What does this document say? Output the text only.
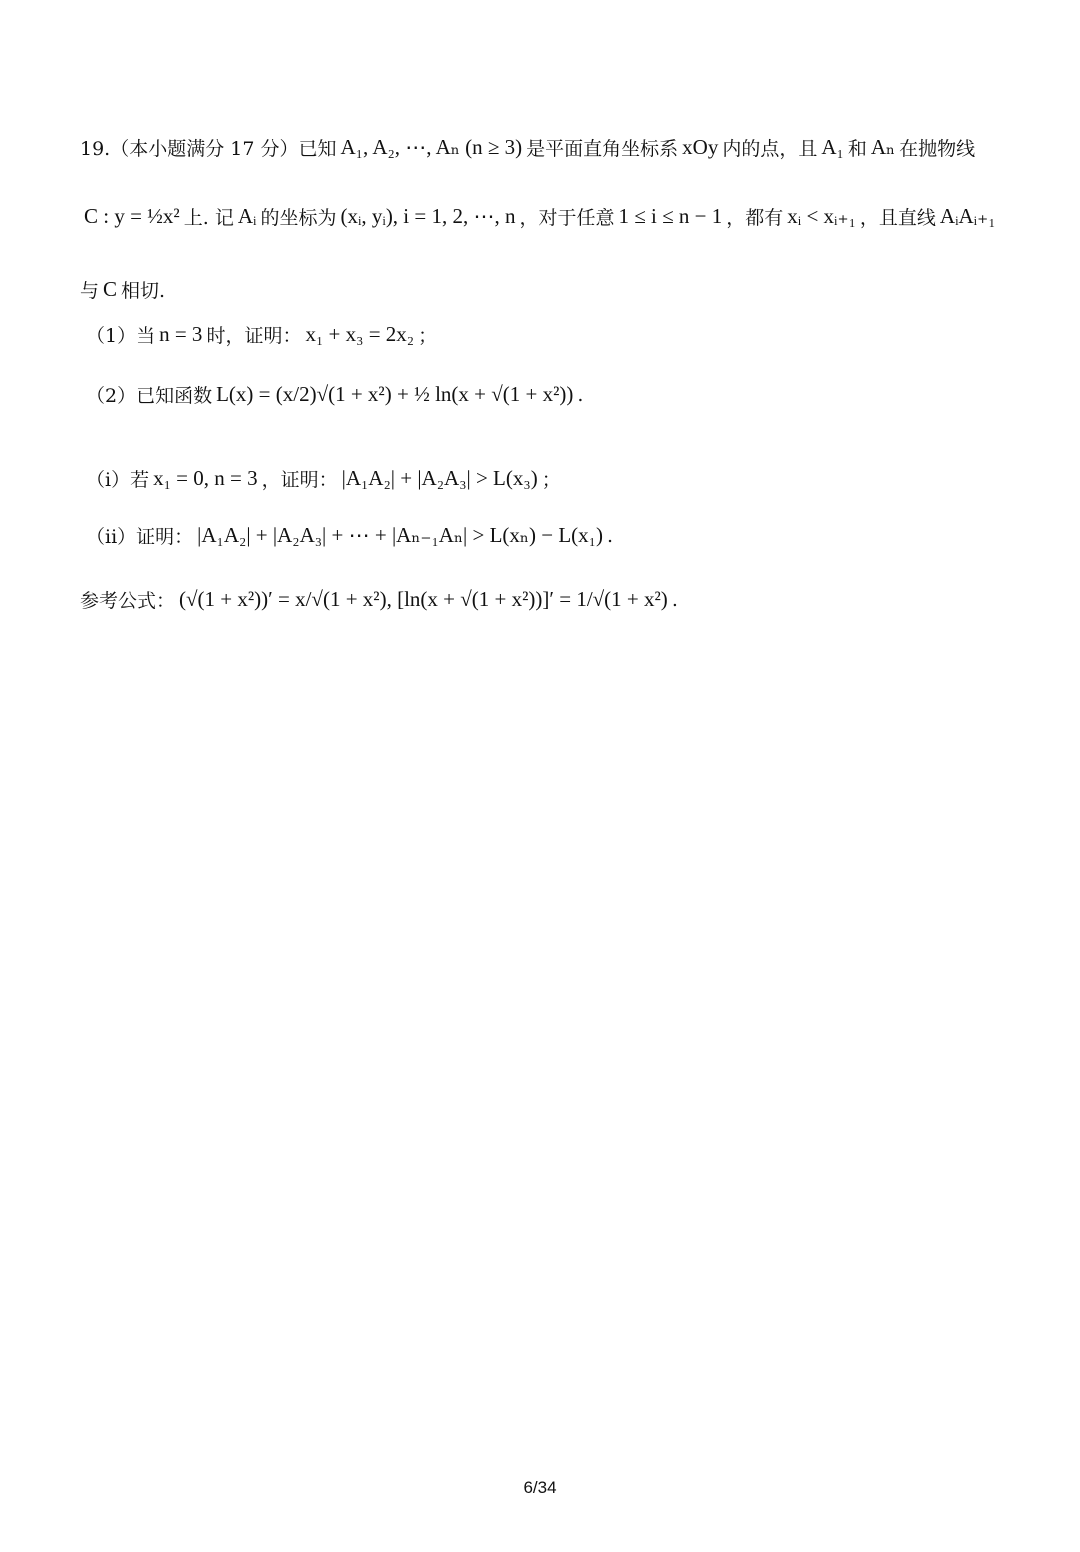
19.（本小题满分 17 分）已知 A₁, A₂, ⋯, Aₙ (n ≥ 3) 是平面直角坐标系 xOy 内的点，且 A₁ 和 Aₙ 在抛物线
C : y = ½x² 上. 记 Aᵢ 的坐标为 (xᵢ, yᵢ), i = 1, 2, ⋯, n ，对于任意 1 ≤ i ≤ n − 1 ，都有 xᵢ < xᵢ₊₁ ，且直线 AᵢAᵢ₊₁
与 C 相切.
（1）当 n = 3 时，证明： x₁ + x₃ = 2x₂ ；
（2）已知函数 L(x) = (x/2)√(1 + x²) + ½ ln(x + √(1 + x²)) .
（i）若 x₁ = 0, n = 3 ，证明： |A₁A₂| + |A₂A₃| > L(x₃) ；
（ii）证明： |A₁A₂| + |A₂A₃| + ⋯ + |Aₙ₋₁Aₙ| > L(xₙ) − L(x₁) .
参考公式： (√(1 + x²))′ = x/√(1 + x²), [ln(x + √(1 + x²))]′ = 1/√(1 + x²) .
6/34
